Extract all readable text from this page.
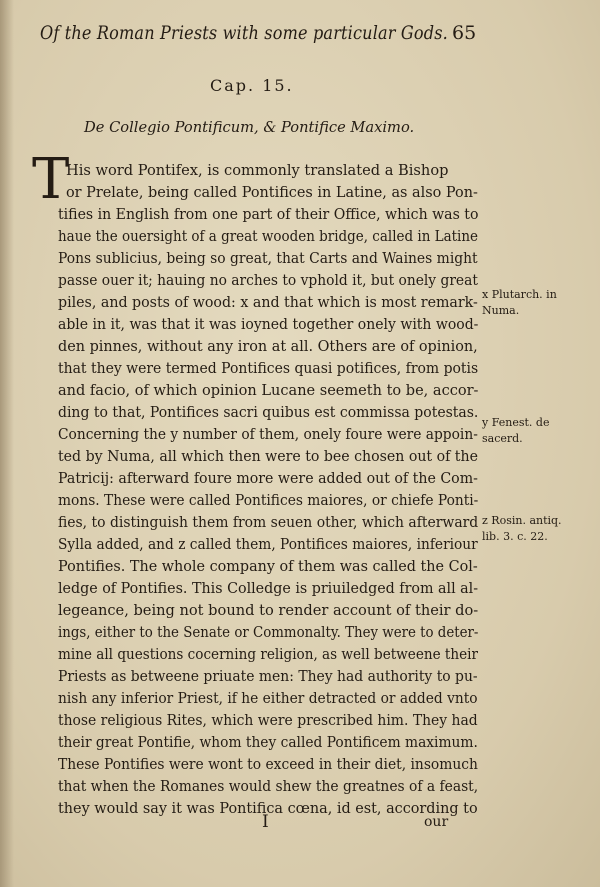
Of the Roman Priests with some particular Gods. 65
Cap. 15.
De Collegio Pontificum, & Pontifice Maximo.
T
His word Pontifex, is commonly translated a Bishop
or Prelate, being called Pontifices in Latine, as also Pon-
tifies in English from one part of their Office, which was to
haue the ouersight of a great wooden bridge, called in Latine
Pons sublicius, being so great, that Carts and Waines might
passe ouer it; hauing no arches to vphold it, but onely great
piles, and posts of wood: x and that which is most remark-
able in it, was that it was ioyned together onely with wood-
den pinnes, without any iron at all. Others are of opinion,
that they were termed Pontifices quasi potifices, from potis
and facio, of which opinion Lucane seemeth to be, accor-
ding to that, Pontifices sacri quibus est commissa potestas.
Concerning the y number of them, onely foure were appoin-
ted by Numa, all which then were to bee chosen out of the
Patricij: afterward foure more were added out of the Com-
mons. These were called Pontifices maiores, or chiefe Ponti-
fies, to distinguish them from seuen other, which afterward
Sylla added, and z called them, Pontifices maiores, inferiour
Pontifies. The whole company of them was called the Col-
ledge of Pontifies. This Colledge is priuiledged from all al-
legeance, being not bound to render account of their do-
ings, either to the Senate or Commonalty. They were to deter-
mine all questions cocerning religion, as well betweene their
Priests as betweene priuate men: They had authority to pu-
nish any inferior Priest, if he either detracted or added vnto
those religious Rites, which were prescribed him. They had
their great Pontifie, whom they called Pontificem maximum.
These Pontifies were wont to exceed in their diet, insomuch
that when the Romanes would shew the greatnes of a feast,
they would say it was Pontifica cœna, id est, according to
x Plutarch. in
Numa.
y Fenest. de
sacerd.
z Rosin. antiq.
lib. 3. c. 22.
I	our
